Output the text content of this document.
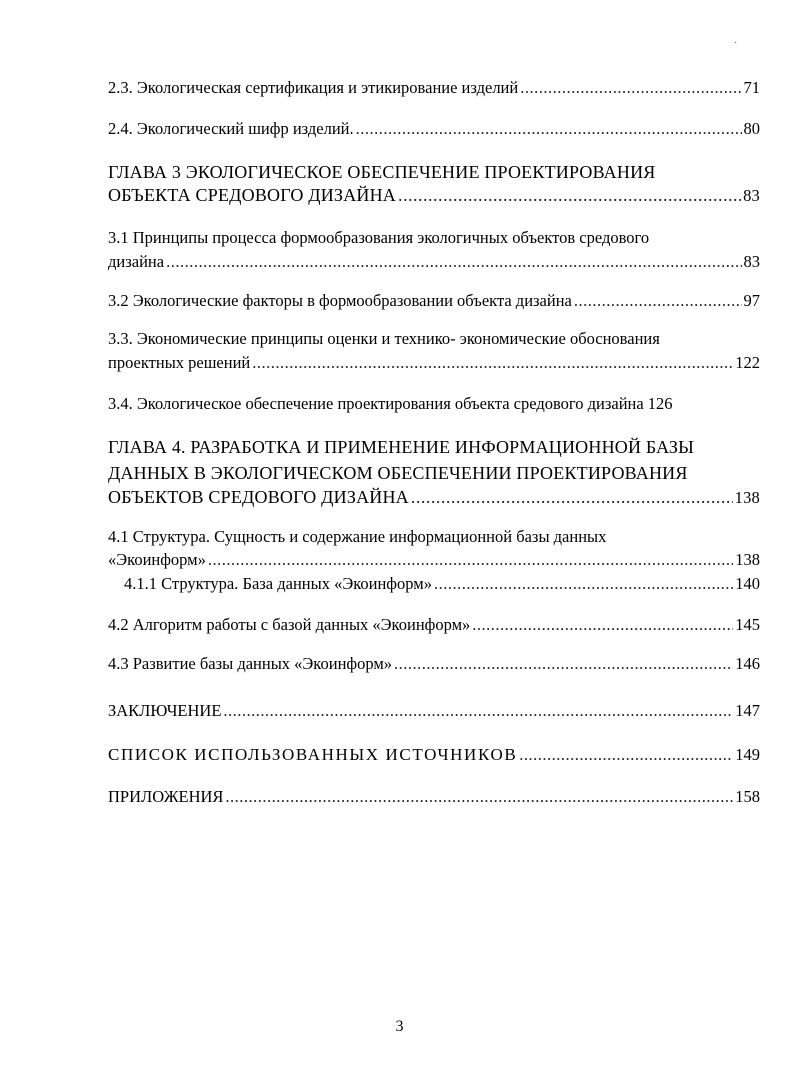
·
2.3. Экологическая сертификация и этикирование изделий .....	71
2.4. Экологический шифр изделий. .....	80
ГЛАВА 3 ЭКОЛОГИЧЕСКОЕ ОБЕСПЕЧЕНИЕ ПРОЕКТИРОВАНИЯ
ОБЪЕКТА СРЕДОВОГО ДИЗАЙНА .....	83
3.1 Принципы процесса формообразования экологичных объектов средового
дизайна .....	83
3.2 Экологические факторы в формообразовании объекта дизайна .....	97
3.3. Экономические принципы оценки и технико- экономические обоснования
проектных решений .....	122
3.4. Экологическое обеспечение проектирования объекта средового дизайна 126
ГЛАВА 4. РАЗРАБОТКА И ПРИМЕНЕНИЕ ИНФОРМАЦИОННОЙ БАЗЫ
ДАННЫХ В ЭКОЛОГИЧЕСКОМ ОБЕСПЕЧЕНИИ ПРОЕКТИРОВАНИЯ
ОБЪЕКТОВ СРЕДОВОГО ДИЗАЙНА .....	138
4.1 Структура. Сущность и содержание информационной базы данных
«Экоинформ» .....	138
4.1.1 Структура. База данных «Экоинформ» .....	140
4.2 Алгоритм работы с базой данных «Экоинформ» .....	145
4.3 Развитие базы данных «Экоинформ» .....	146
ЗАКЛЮЧЕНИЕ .....	147
СПИСОК ИСПОЛЬЗОВАННЫХ ИСТОЧНИКОВ .....	149
ПРИЛОЖЕНИЯ .....	158
3
